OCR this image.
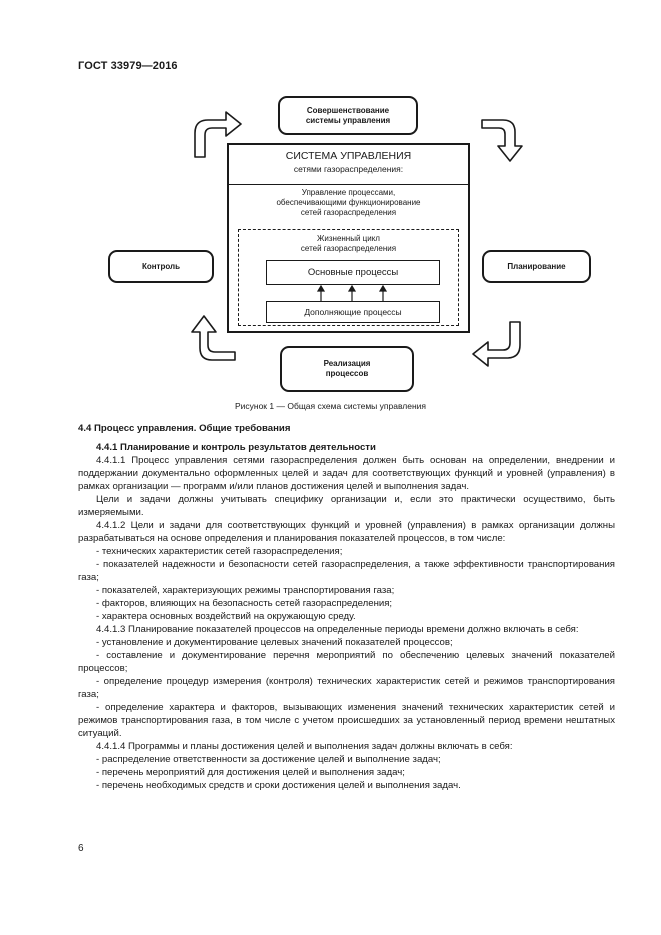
ГОСТ 33979—2016
Совершенствование
системы управления
Контроль	Планирование
Реализация
процессов
СИСТЕМА УПРАВЛЕНИЯ
сетями газораспределения:
Управление процессами,
обеспечивающими функционирование
сетей газораспределения
Жизненный цикл
сетей газораспределения
Основные процессы
Дополняющие процессы
Рисунок 1 — Общая схема системы управления

4.4 Процесс управления. Общие требования

4.4.1 Планирование и контроль результатов деятельности

4.4.1.1 Процесс управления сетями газораспределения должен быть основан на определении, внедрении и поддержании документально оформленных целей и задач для соответствующих функций и уровней (управления) в рамках организации — программ и/или планов достижения целей и выполнения задач.

Цели и задачи должны учитывать специфику организации и, если это практически осуществимо, быть измеряемыми.

4.4.1.2 Цели и задачи для соответствующих функций и уровней (управления) в рамках организации должны разрабатываться на основе определения и планирования показателей процессов, в том числе:

- технических характеристик сетей газораспределения;

- показателей надежности и безопасности сетей газораспределения, а также эффективности транспортирования газа;

- показателей, характеризующих режимы транспортирования газа;

- факторов, влияющих на безопасность сетей газораспределения;

- характера основных воздействий на окружающую среду.

4.4.1.3 Планирование показателей процессов на определенные периоды времени должно включать в себя:

- установление и документирование целевых значений показателей процессов;

- составление и документирование перечня мероприятий по обеспечению целевых значений показателей процессов;

- определение процедур измерения (контроля) технических характеристик сетей и режимов транспортирования газа;

- определение характера и факторов, вызывающих изменения значений технических характеристик сетей и режимов транспортирования газа, в том числе с учетом происшедших за установленный период времени нештатных ситуаций.

4.4.1.4 Программы и планы достижения целей и выполнения задач должны включать в себя:

- распределение ответственности за достижение целей и выполнение задач;

- перечень мероприятий для достижения целей и выполнения задач;

- перечень необходимых средств и сроки достижения целей и выполнения задач.

6
